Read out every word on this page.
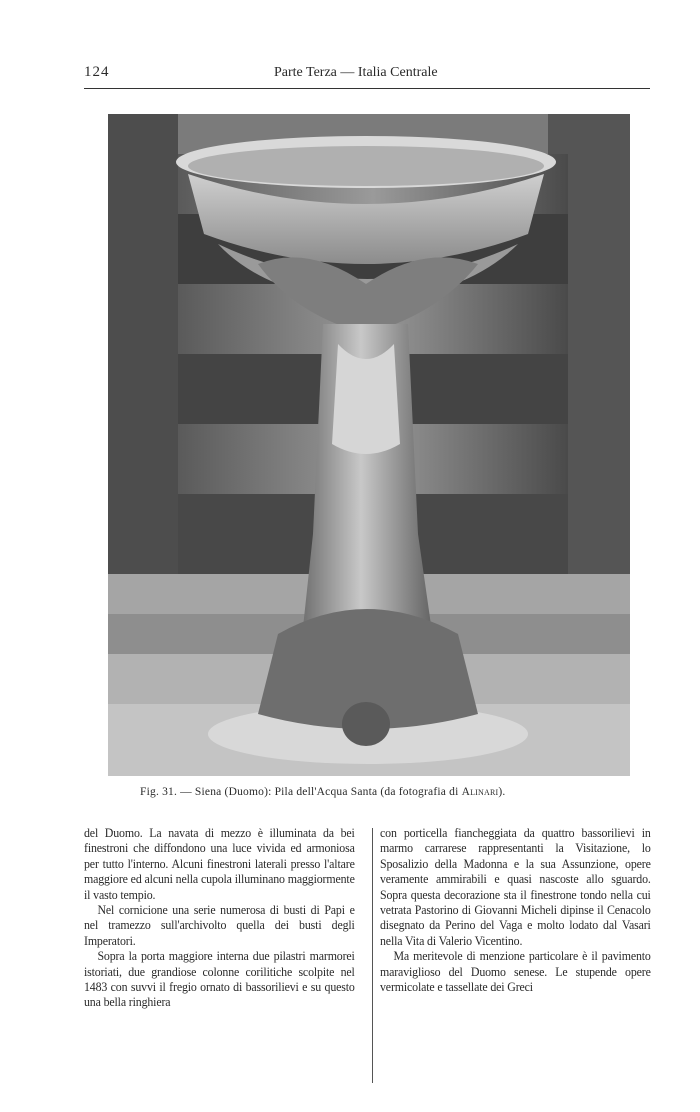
124	Parte Terza — Italia Centrale
Fig. 31. — Siena (Duomo): Pila dell'Acqua Santa (da fotografia di Alinari).

del Duomo. La navata di mezzo è illuminata da bei finestroni che diffondono una luce vivida ed armoniosa per tutto l'interno. Alcuni finestroni laterali presso l'altare maggiore ed alcuni nella cupola illuminano maggiormente il vasto tempio.

Nel cornicione una serie numerosa di busti di Papi e nel tramezzo sull'archivolto quella dei busti degli Imperatori.

Sopra la porta maggiore interna due pilastri marmorei istoriati, due grandiose colonne corilitiche scolpite nel 1483 con suvvi il fregio ornato di bassorilievi e su questo una bella ringhiera

con porticella fiancheggiata da quattro bassorilievi in marmo carrarese rappresentanti la Visitazione, lo Sposalizio della Madonna e la sua Assunzione, opere veramente ammirabili e quasi nascoste allo sguardo. Sopra questa decorazione sta il finestrone tondo nella cui vetrata Pastorino di Giovanni Micheli dipinse il Cenacolo disegnato da Perino del Vaga e molto lodato dal Vasari nella Vita di Valerio Vicentino.

Ma meritevole di menzione particolare è il pavimento maraviglioso del Duomo senese. Le stupende opere vermicolate e tassellate dei Greci
